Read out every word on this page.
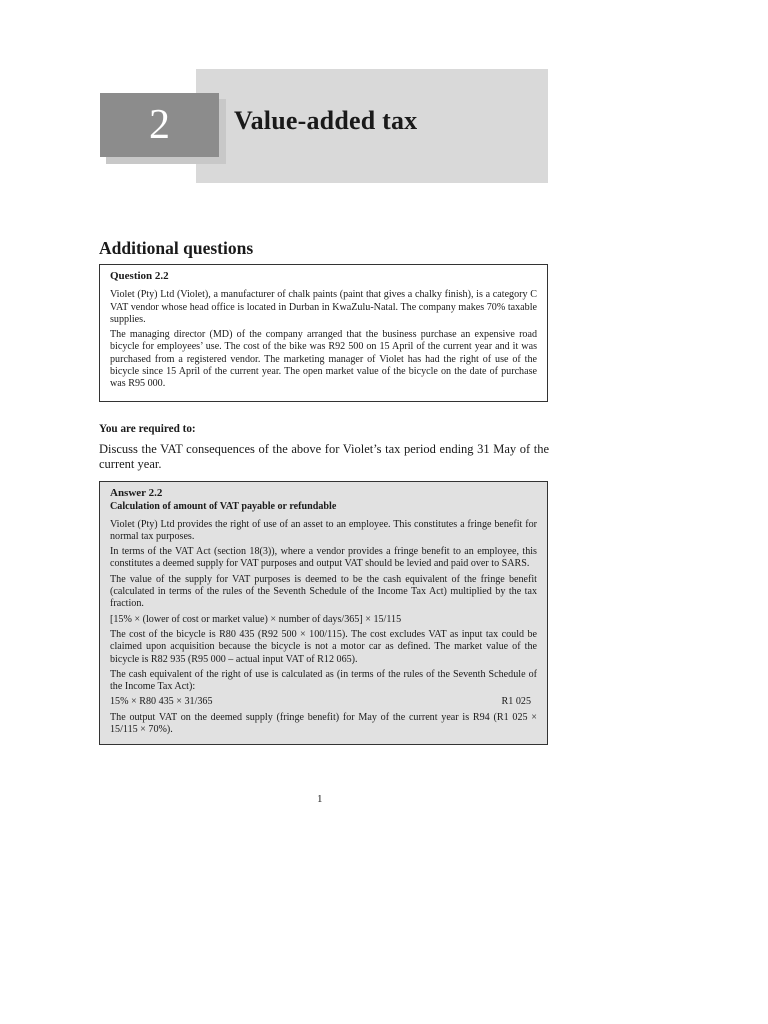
2	Value-added tax
Additional questions
Question 2.2

Violet (Pty) Ltd (Violet), a manufacturer of chalk paints (paint that gives a chalky finish), is a category C VAT vendor whose head office is located in Durban in KwaZulu-Natal. The company makes 70% taxable supplies.

The managing director (MD) of the company arranged that the business purchase an expensive road bicycle for employees’ use. The cost of the bike was R92 500 on 15 April of the current year and it was purchased from a registered vendor. The marketing manager of Violet has had the right of use of the bicycle since 15 April of the current year. The open market value of the bicycle on the date of purchase was R95 000.

You are required to:
Discuss the VAT consequences of the above for Violet’s tax period ending 31 May of the current year.
Answer 2.2
Calculation of amount of VAT payable or refundable

Violet (Pty) Ltd provides the right of use of an asset to an employee. This constitutes a fringe benefit for normal tax purposes.

In terms of the VAT Act (section 18(3)), where a vendor provides a fringe benefit to an employee, this constitutes a deemed supply for VAT purposes and output VAT should be levied and paid over to SARS.

The value of the supply for VAT purposes is deemed to be the cash equivalent of the fringe benefit (calculated in terms of the rules of the Seventh Schedule of the Income Tax Act) multiplied by the tax fraction.

[15% × (lower of cost or market value) × number of days/365] × 15/115

The cost of the bicycle is R80 435 (R92 500 × 100/115). The cost excludes VAT as input tax could be claimed upon acquisition because the bicycle is not a motor car as defined. The market value of the bicycle is R82 935 (R95 000 – actual input VAT of R12 065).

The cash equivalent of the right of use is calculated as (in terms of the rules of the Seventh Schedule of the Income Tax Act):

15% × R80 435 × 31/365	R1 025

The output VAT on the deemed supply (fringe benefit) for May of the current year is R94 (R1 025 × 15/115 × 70%).

1
